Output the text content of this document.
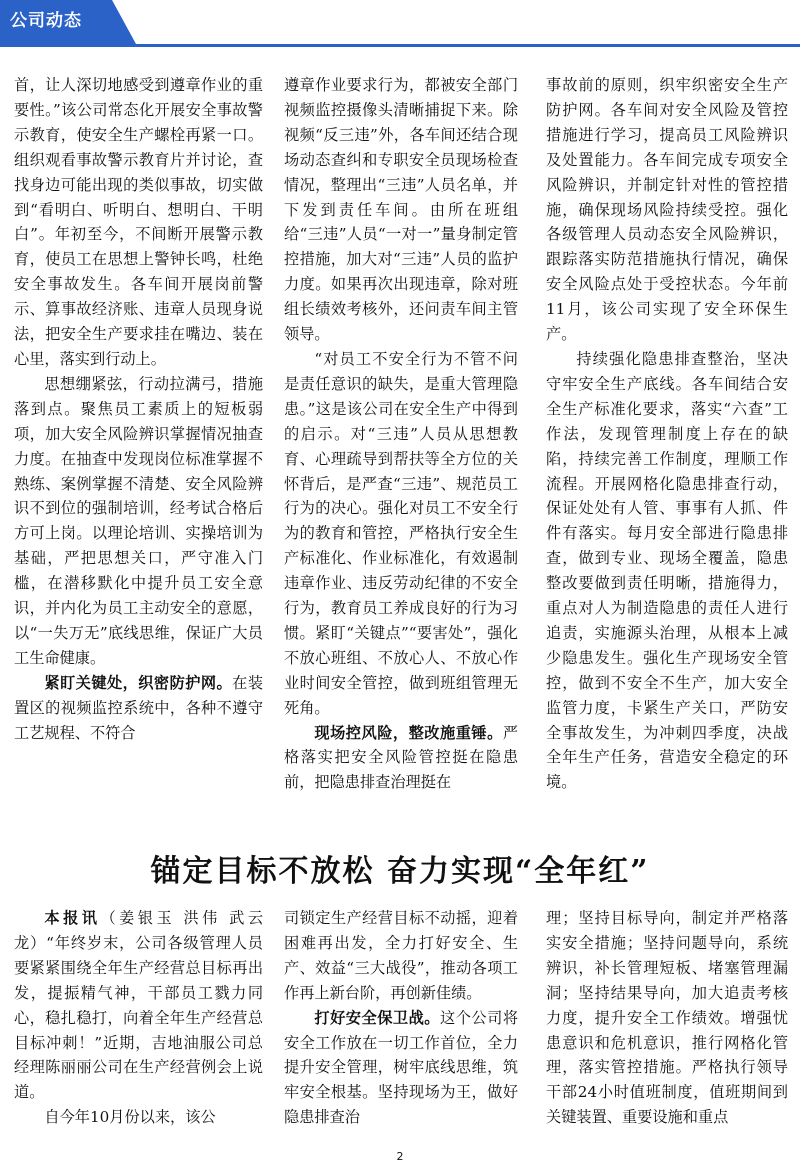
公司动态

首，让人深切地感受到遵章作业的重要性。”该公司常态化开展安全事故警示教育，使安全生产螺栓再紧一口。组织观看事故警示教育片并讨论，查找身边可能出现的类似事故，切实做到“看明白、听明白、想明白、干明白”。年初至今，不间断开展警示教育，使员工在思想上警钟长鸣，杜绝安全事故发生。各车间开展岗前警示、算事故经济账、违章人员现身说法，把安全生产要求挂在嘴边、装在心里，落实到行动上。

思想绷紧弦，行动拉满弓，措施落到点。聚焦员工素质上的短板弱项，加大安全风险辨识掌握情况抽查力度。在抽查中发现岗位标准掌握不熟练、案例掌握不清楚、安全风险辨识不到位的强制培训，经考试合格后方可上岗。以理论培训、实操培训为基础，严把思想关口，严守准入门槛，在潜移默化中提升员工安全意识，并内化为员工主动安全的意愿，以“一失万无”底线思维，保证广大员工生命健康。

紧盯关键处，织密防护网。在装置区的视频监控系统中，各种不遵守工艺规程、不符合

遵章作业要求行为，都被安全部门视频监控摄像头清晰捕捉下来。除视频“反三违”外，各车间还结合现场动态查纠和专职安全员现场检查情况，整理出“三违”人员名单，并下发到责任车间。由所在班组给“三违”人员“一对一”量身制定管控措施，加大对“三违”人员的监护力度。如果再次出现违章，除对班组长绩效考核外，还问责车间主管领导。

“对员工不安全行为不管不问是责任意识的缺失，是重大管理隐患。”这是该公司在安全生产中得到的启示。对“三违”人员从思想教育、心理疏导到帮扶等全方位的关怀背后，是严查“三违”、规范员工行为的决心。强化对员工不安全行为的教育和管控，严格执行安全生产标准化、作业标准化，有效遏制违章作业、违反劳动纪律的不安全行为，教育员工养成良好的行为习惯。紧盯“关键点”“要害处”，强化不放心班组、不放心人、不放心作业时间安全管控，做到班组管理无死角。

现场控风险，整改施重锤。严格落实把安全风险管控挺在隐患前，把隐患排查治理挺在

事故前的原则，织牢织密安全生产防护网。各车间对安全风险及管控措施进行学习，提高员工风险辨识及处置能力。各车间完成专项安全风险辨识，并制定针对性的管控措施，确保现场风险持续受控。强化各级管理人员动态安全风险辨识，跟踪落实防范措施执行情况，确保安全风险点处于受控状态。今年前11月，该公司实现了安全环保生产。

持续强化隐患排查整治，坚决守牢安全生产底线。各车间结合安全生产标准化要求，落实“六查”工作法，发现管理制度上存在的缺陷，持续完善工作制度，理顺工作流程。开展网格化隐患排查行动，保证处处有人管、事事有人抓、件件有落实。每月安全部进行隐患排查，做到专业、现场全覆盖，隐患整改要做到责任明晰，措施得力，重点对人为制造隐患的责任人进行追责，实施源头治理，从根本上减少隐患发生。强化生产现场安全管控，做到不安全不生产，加大安全监管力度，卡紧生产关口，严防安全事故发生，为冲刺四季度，决战全年生产任务，营造安全稳定的环境。

锚定目标不放松 奋力实现“全年红”

本报讯（姜银玉 洪伟 武云龙）“年终岁末，公司各级管理人员要紧紧围绕全年生产经营总目标再出发，提振精气神，干部员工戮力同心，稳扎稳打，向着全年生产经营总目标冲刺！”近期，吉地油服公司总经理陈丽丽公司在生产经营例会上说道。

自今年10月份以来，该公

司锁定生产经营目标不动摇，迎着困难再出发，全力打好安全、生产、效益“三大战役”，推动各项工作再上新台阶，再创新佳绩。

打好安全保卫战。这个公司将安全工作放在一切工作首位，全力提升安全管理，树牢底线思维，筑牢安全根基。坚持现场为王，做好隐患排查治

理；坚持目标导向，制定并严格落实安全措施；坚持问题导向，系统辨识，补长管理短板、堵塞管理漏洞；坚持结果导向，加大追责考核力度，提升安全工作绩效。增强忧患意识和危机意识，推行网格化管理，落实管控措施。严格执行领导干部24小时值班制度，值班期间到关键装置、重要设施和重点

2
